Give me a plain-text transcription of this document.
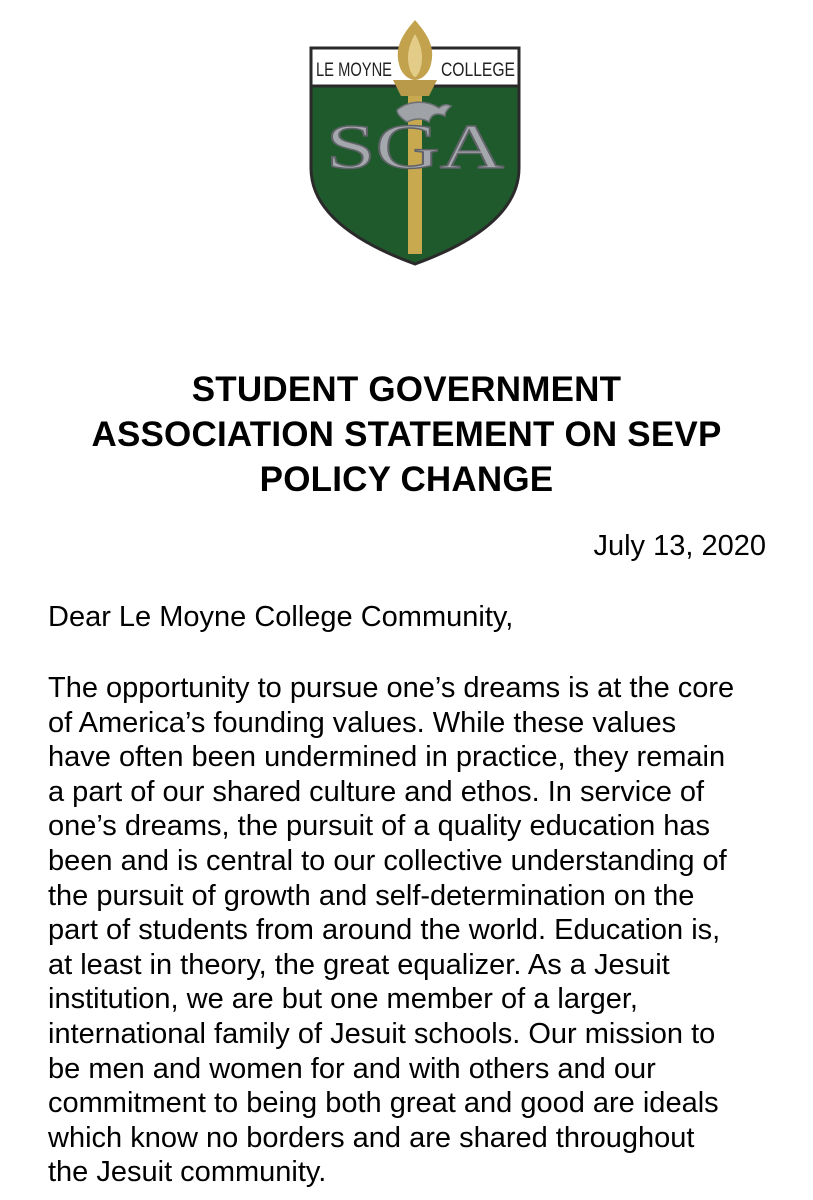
LE MOYNE	COLLEGE
SGA
STUDENT GOVERNMENT
ASSOCIATION STATEMENT ON SEVP
POLICY CHANGE
July 13, 2020
Dear Le Moyne College Community,

The opportunity to pursue one’s dreams is at the core
of America’s founding values. While these values
have often been undermined in practice, they remain
a part of our shared culture and ethos. In service of
one’s dreams, the pursuit of a quality education has
been and is central to our collective understanding of
the pursuit of growth and self-determination on the
part of students from around the world. Education is,
at least in theory, the great equalizer. As a Jesuit
institution, we are but one member of a larger,
international family of Jesuit schools. Our mission to
be men and women for and with others and our
commitment to being both great and good are ideals
which know no borders and are shared throughout
the Jesuit community.
